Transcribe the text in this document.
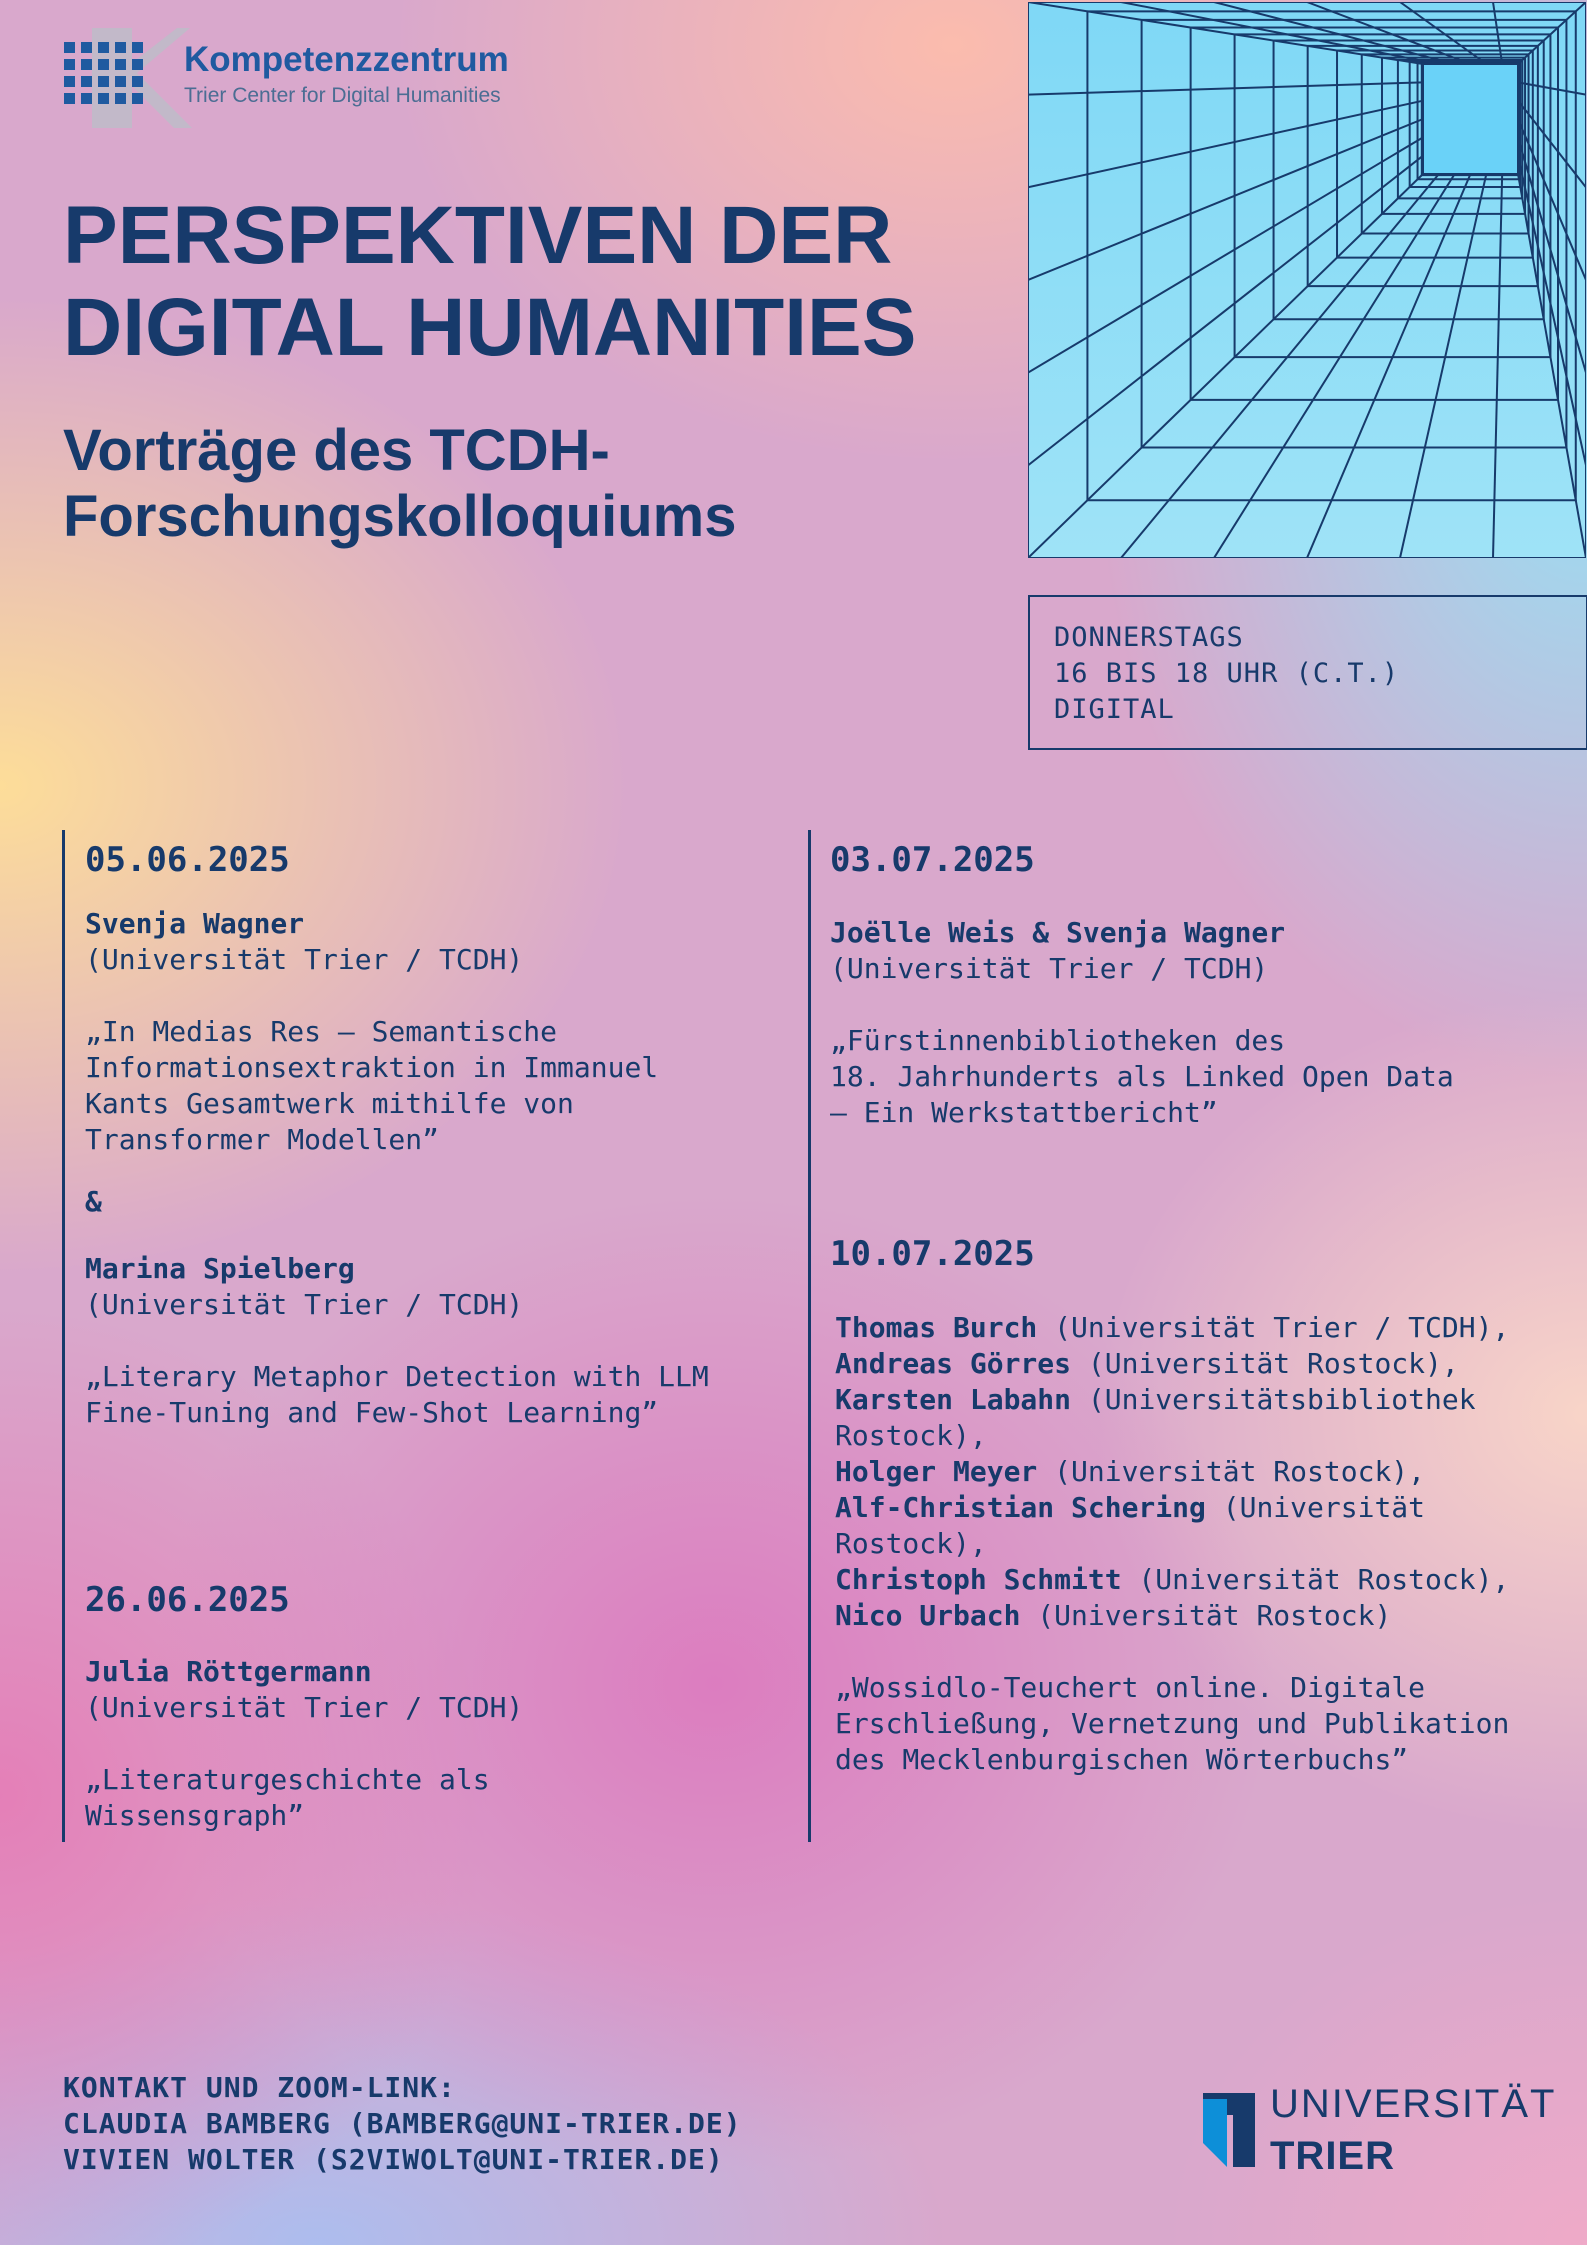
Kompetenzzentrum
Trier Center for Digital Humanities
PERSPEKTIVEN DER
DIGITAL HUMANITIES
Vorträge des TCDH-
Forschungskolloquiums
DONNERSTAGS
16 BIS 18 UHR (C.T.)
DIGITAL
05.06.2025
Svenja Wagner
(Universität Trier / TCDH)
„In Medias Res – Semantische
Informationsextraktion in Immanuel
Kants Gesamtwerk mithilfe von
Transformer Modellen”
&
Marina Spielberg
(Universität Trier / TCDH)
„Literary Metaphor Detection with LLM
Fine-Tuning and Few-Shot Learning”
26.06.2025
Julia Röttgermann
(Universität Trier / TCDH)
„Literaturgeschichte als
Wissensgraph”
03.07.2025
Joëlle Weis & Svenja Wagner
(Universität Trier / TCDH)
„Fürstinnenbibliotheken des
18. Jahrhunderts als Linked Open Data
– Ein Werkstattbericht”
10.07.2025
Thomas Burch (Universität Trier / TCDH),
Andreas Görres (Universität Rostock),
Karsten Labahn (Universitätsbibliothek
Rostock),
Holger Meyer (Universität Rostock),
Alf-Christian Schering (Universität
Rostock),
Christoph Schmitt (Universität Rostock),
Nico Urbach (Universität Rostock)
„Wossidlo-Teuchert online. Digitale
Erschließung, Vernetzung und Publikation
des Mecklenburgischen Wörterbuchs”
KONTAKT UND ZOOM-LINK:
CLAUDIA BAMBERG (BAMBERG@UNI-TRIER.DE)
VIVIEN WOLTER (S2VIWOLT@UNI-TRIER.DE)
UNIVERSITÄT
TRIER
